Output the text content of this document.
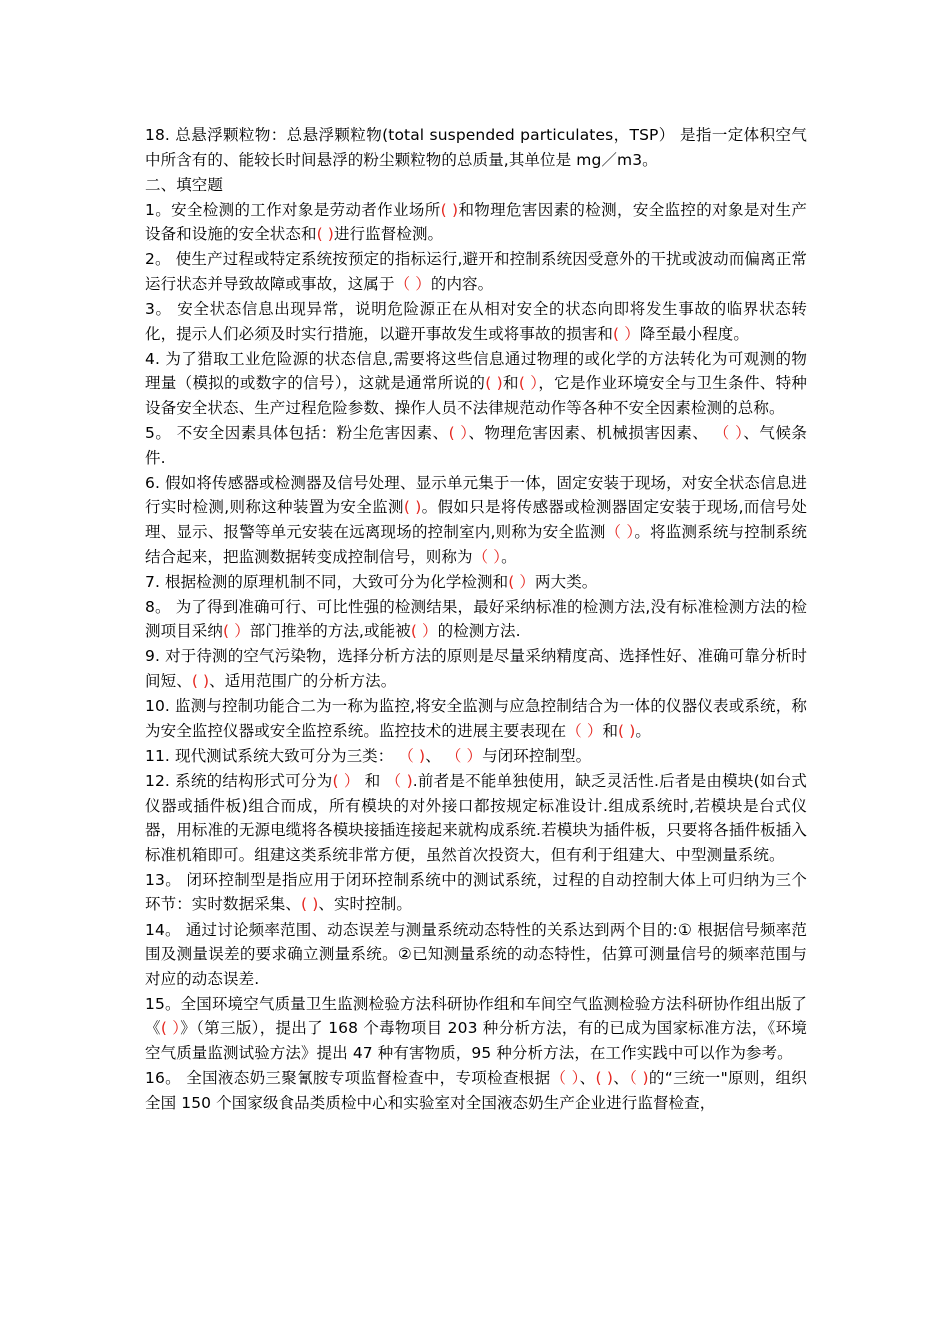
18. 总悬浮颗粒物：总悬浮颗粒物(total suspended particulates，TSP） 是指一定体积空气中所含有的、能较长时间悬浮的粉尘颗粒物的总质量,其单位是 mg／m3。
二、填空题
1。安全检测的工作对象是劳动者作业场所( )和物理危害因素的检测，安全监控的对象是对生产设备和设施的安全状态和( )进行监督检测。
2。 使生产过程或特定系统按预定的指标运行,避开和控制系统因受意外的干扰或波动而偏离正常运行状态并导致故障或事故，这属于（ ）的内容。
3。 安全状态信息出现异常，说明危险源正在从相对安全的状态向即将发生事故的临界状态转化，提示人们必须及时实行措施，以避开事故发生或将事故的损害和( ）降至最小程度。
4. 为了猎取工业危险源的状态信息,需要将这些信息通过物理的或化学的方法转化为可观测的物理量（模拟的或数字的信号），这就是通常所说的( )和( ），它是作业环境安全与卫生条件、特种设备安全状态、生产过程危险参数、操作人员不法律规范动作等各种不安全因素检测的总称。
5。 不安全因素具体包括：粉尘危害因素、( ）、物理危害因素、机械损害因素、 （ ）、气候条件.
6. 假如将传感器或检测器及信号处理、显示单元集于一体，固定安装于现场，对安全状态信息进行实时检测,则称这种装置为安全监测( )。假如只是将传感器或检测器固定安装于现场,而信号处理、显示、报警等单元安装在远离现场的控制室内,则称为安全监测（ ）。将监测系统与控制系统结合起来，把监测数据转变成控制信号，则称为（ ）。
7. 根据检测的原理机制不同，大致可分为化学检测和( ）两大类。
8。 为了得到准确可行、可比性强的检测结果，最好采纳标准的检测方法,没有标准检测方法的检测项目采纳( ）部门推举的方法,或能被( ）的检测方法.
9. 对于待测的空气污染物，选择分析方法的原则是尽量采纳精度高、选择性好、准确可靠分析时间短、( )、适用范围广的分析方法。
10. 监测与控制功能合二为一称为监控,将安全监测与应急控制结合为一体的仪器仪表或系统，称为安全监控仪器或安全监控系统。监控技术的进展主要表现在（ ）和( )。
11. 现代测试系统大致可分为三类： （ )、 （ ）与闭环控制型。
12. 系统的结构形式可分为( ） 和 （ ).前者是不能单独使用，缺乏灵活性.后者是由模块(如台式仪器或插件板)组合而成，所有模块的对外接口都按规定标准设计.组成系统时,若模块是台式仪器，用标准的无源电缆将各模块接插连接起来就构成系统.若模块为插件板，只要将各插件板插入标准机箱即可。组建这类系统非常方便，虽然首次投资大，但有利于组建大、中型测量系统。
13。 闭环控制型是指应用于闭环控制系统中的测试系统，过程的自动控制大体上可归纳为三个环节：实时数据采集、( )、实时控制。
14。 通过讨论频率范围、动态误差与测量系统动态特性的关系达到两个目的:① 根据信号频率范围及测量误差的要求确立测量系统。②已知测量系统的动态特性，估算可测量信号的频率范围与对应的动态误差.
15。全国环境空气质量卫生监测检验方法科研协作组和车间空气监测检验方法科研协作组出版了《( ）》（第三版），提出了 168 个毒物项目 203 种分析方法，有的已成为国家标准方法，《环境空气质量监测试验方法》提出 47 种有害物质，95 种分析方法，在工作实践中可以作为参考。
16。 全国液态奶三聚氰胺专项监督检查中，专项检查根据（ ）、( )、（ )的“三统一"原则，组织全国 150 个国家级食品类质检中心和实验室对全国液态奶生产企业进行监督检查，
